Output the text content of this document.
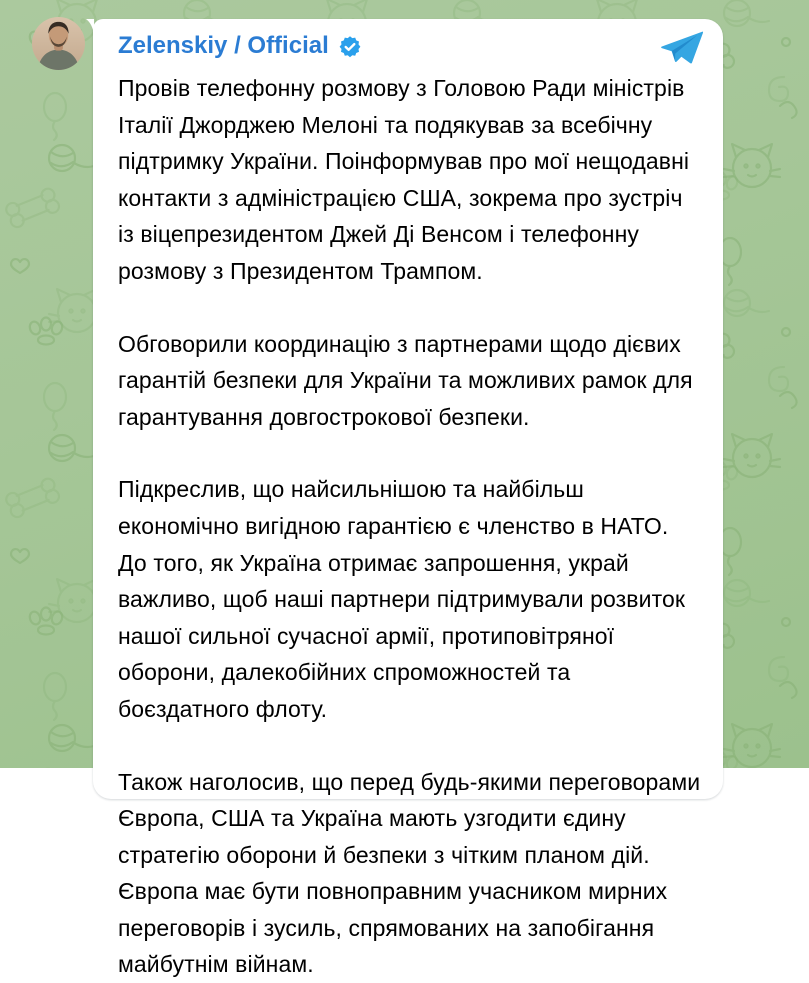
Zelenskiy / Official

Провів телефонну розмову з Головою Ради міністрів Італії Джорджею Мелоні та подякував за всебічну підтримку України. Поінформував про мої нещодавні контакти з адміністрацією США, зокрема про зустріч із віцепрезидентом Джей Ді Венсом і телефонну розмову з Президентом Трампом.

Обговорили координацію з партнерами щодо дієвих гарантій безпеки для України та можливих рамок для гарантування довгострокової безпеки.

Підкреслив, що найсильнішою та найбільш економічно вигідною гарантією є членство в НАТО. До того, як Україна отримає запрошення, украй важливо, щоб наші партнери підтримували розвиток нашої сильної сучасної армії, протиповітряної оборони, далекобійних спроможностей та боєздатного флоту.

Також наголосив, що перед будь-якими переговорами Європа, США та Україна мають узгодити єдину стратегію оборони й безпеки з чітким планом дій. Європа має бути повноправним учасником мирних переговорів і зусиль, спрямованих на запобігання майбутнім війнам.
